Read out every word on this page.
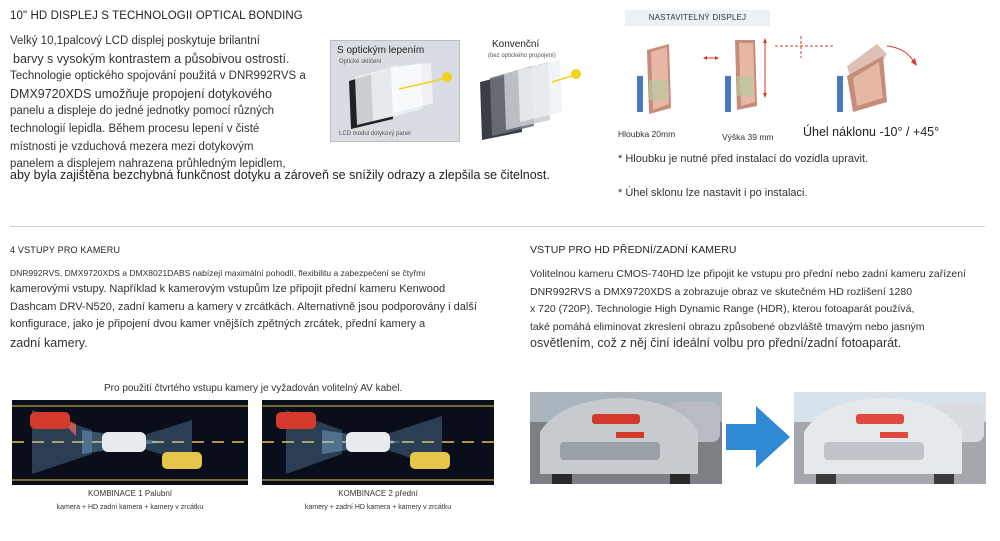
10" HD DISPLEJ S TECHNOLOGII OPTICAL BONDING
Velký 10,1palcový LCD displej poskytuje brilantní
barvy s vysokým kontrastem a působivou ostrostí.
Technologie optického spojování použitá v DNR992RVS a
DMX9720XDS umožňuje propojení dotykového
panelu a displeje do jedné jednotky pomocí různých
technologií lepidla. Během procesu lepení v čisté
místnosti je vzduchová mezera mezi dotykovým
panelem a displejem nahrazena průhledným lepidlem,
aby byla zajištěna bezchybná funkčnost dotyku a zároveň se snížily odrazy a zlepšila se čitelnost.
S optickým lepením
Optické sklíčení
LCD modul dotykový panel
Konvenční
(bez optického propojení)
NASTAVITELNÝ DISPLEJ
Hloubka 20mm	Výška 39 mm Úhel náklonu -10° / +45°
* Hloubku je nutné před instalací do vozidla upravit.
* Úhel sklonu lze nastavit i po instalaci.
4 VSTUPY PRO KAMERU
DNR992RVS, DMX9720XDS a DMX8021DABS nabízejí maximální pohodlí, flexibilitu a zabezpečení se čtyřmi
kamerovými vstupy. Například k kamerovým vstupům lze připojit přední kameru Kenwood
Dashcam DRV-N520, zadní kameru a kamery v zrcátkách. Alternativně jsou podporovány i další
konfigurace, jako je připojení dvou kamer vnějších zpětných zrcátek, přední kamery a
zadní kamery.
Pro použití čtvrtého vstupu kamery je vyžadován volitelný AV kabel.
KOMBINACE 1 Palubní
kamera + HD zadní kamera + kamery v zrcátku
KOMBINACE 2 přední
kamery + zadní HD kamera + kamery v zrcátku
VSTUP PRO HD PŘEDNÍ/ZADNÍ KAMERU
Volitelnou kameru CMOS-740HD lze připojit ke vstupu pro přední nebo zadní kameru zařízení
DNR992RVS a DMX9720XDS a zobrazuje obraz ve skutečném HD rozlišení 1280
x 720 (720P). Technologie High Dynamic Range (HDR), kterou fotoaparát používá,
také pomáhá eliminovat zkreslení obrazu způsobené obzvláště tmavým nebo jasným
osvětlením, což z něj činí ideální volbu pro přední/zadní fotoaparát.
